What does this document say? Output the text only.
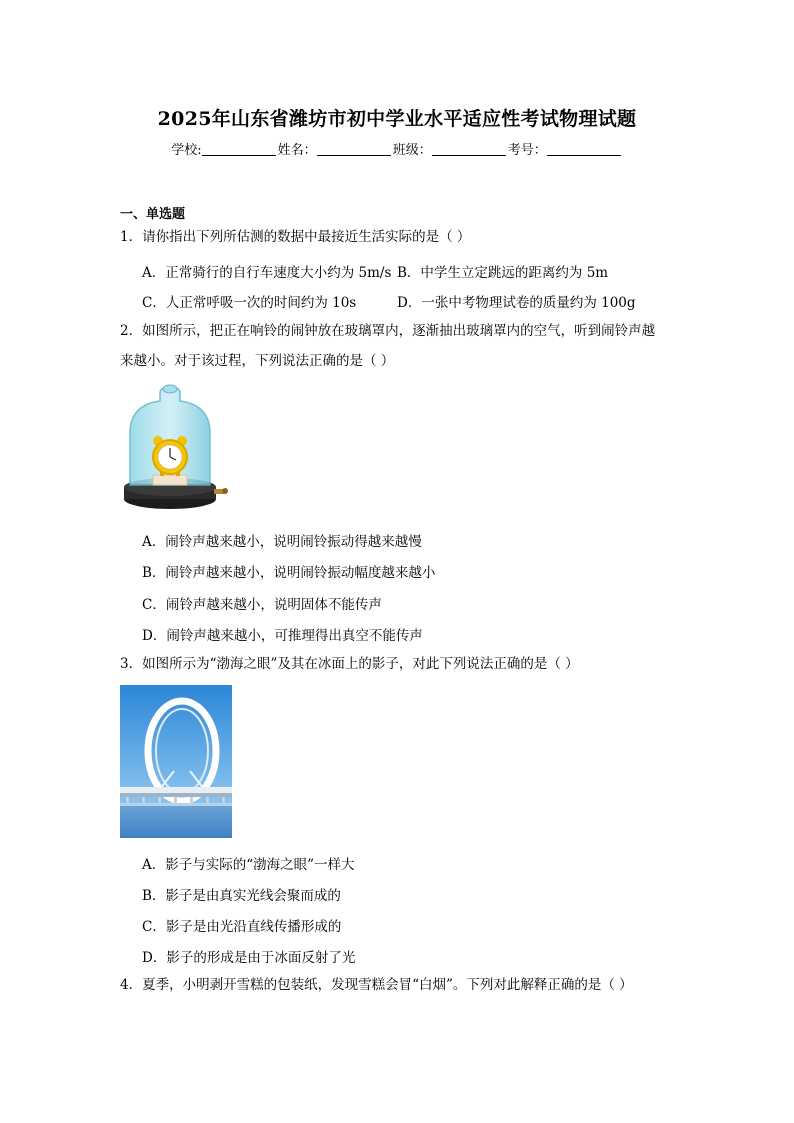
2025年山东省潍坊市初中学业水平适应性考试物理试题
学校:	姓名：	班级：	考号：
一、单选题
1．请你指出下列所估测的数据中最接近生活实际的是（ ）
A．正常骑行的自行车速度大小约为 5m/s B．中学生立定跳远的距离约为 5m
C．人正常呼吸一次的时间约为 10s	D．一张中考物理试卷的质量约为 100g
2．如图所示，把正在响铃的闹钟放在玻璃罩内，逐渐抽出玻璃罩内的空气，听到闹铃声越
来越小。对于该过程，下列说法正确的是（ ）
A．闹铃声越来越小，说明闹铃振动得越来越慢
B．闹铃声越来越小，说明闹铃振动幅度越来越小
C．闹铃声越来越小，说明固体不能传声
D．闹铃声越来越小，可推理得出真空不能传声
3．如图所示为“渤海之眼”及其在冰面上的影子，对此下列说法正确的是（ ）
A．影子与实际的“渤海之眼”一样大
B．影子是由真实光线会聚而成的
C．影子是由光沿直线传播形成的
D．影子的形成是由于冰面反射了光
4．夏季，小明剥开雪糕的包装纸，发现雪糕会冒“白烟”。下列对此解释正确的是（ ）
